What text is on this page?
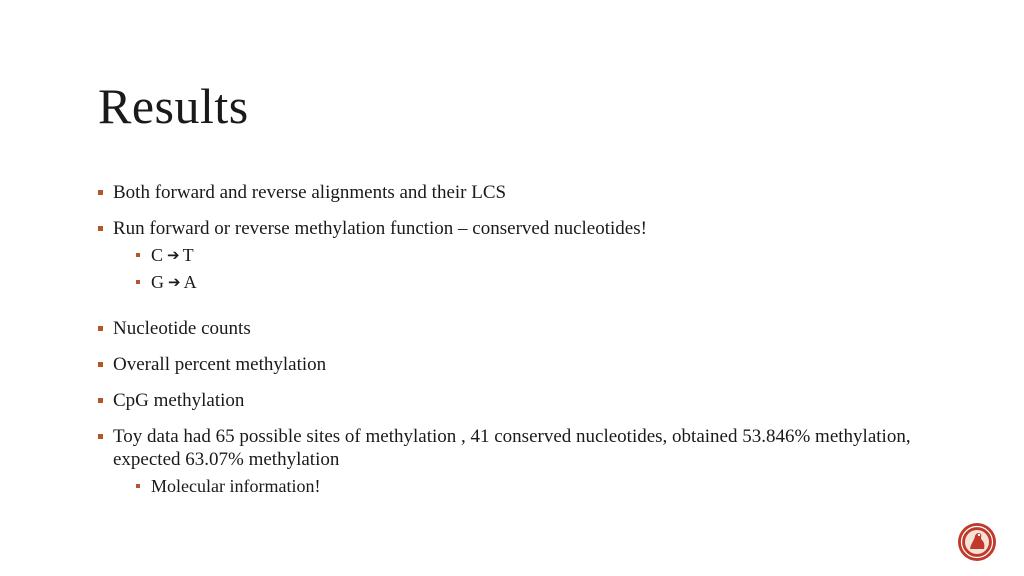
Results
Both forward and reverse alignments and their LCS
Run forward or reverse methylation function – conserved nucleotides!
C ➔ T
G ➔ A
Nucleotide counts
Overall percent methylation
CpG methylation
Toy data had 65 possible sites of methylation , 41 conserved nucleotides, obtained 53.846% methylation, expected 63.07% methylation
Molecular information!
